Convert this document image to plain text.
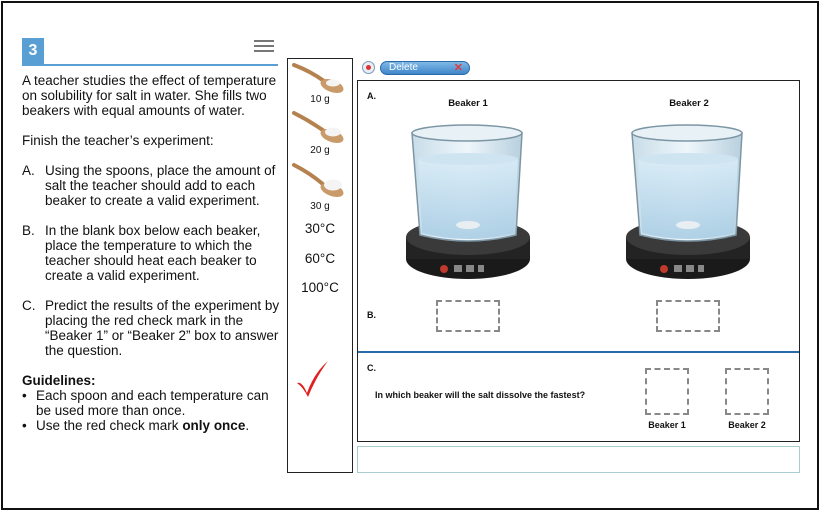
3

A teacher studies the effect of temperature on solubility for salt in water. She fills two beakers with equal amounts of water.

Finish the teacher’s experiment:

A. Using the spoons, place the amount of salt the teacher should add to each beaker to create a valid experiment.
B. In the blank box below each beaker, place the temperature to which the teacher should heat each beaker to create a valid experiment.
C. Predict the results of the experiment by placing the red check mark in the “Beaker 1” or “Beaker 2” box to answer the question.
Guidelines:
• Each spoon and each temperature can be used more than once.
• Use the red check mark only once.
10 g
20 g
30 g
30°C
60°C
100°C
Delete	✕
A.
Beaker 1	Beaker 2
B.
C.
In which beaker will the salt dissolve the fastest?
Beaker 1	Beaker 2
